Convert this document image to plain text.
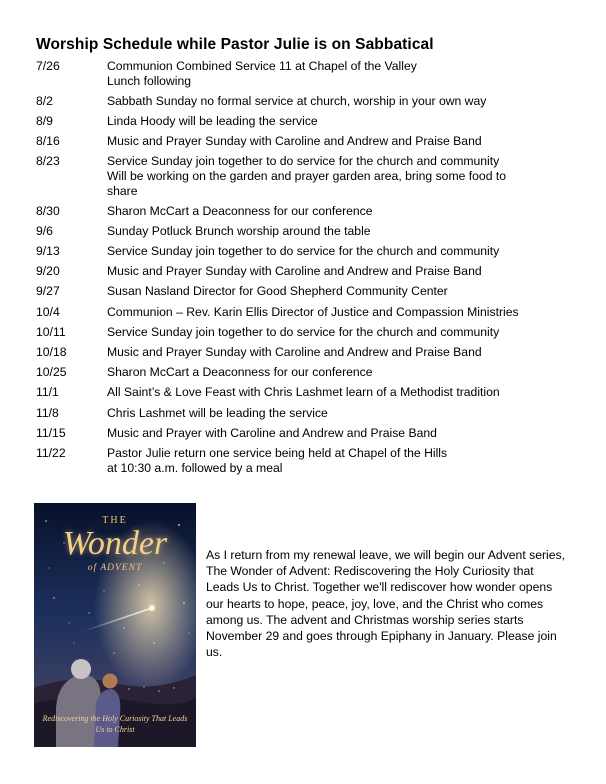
Worship Schedule while Pastor Julie is on Sabbatical
7/26	Communion Combined Service 11 at Chapel of the Valley
Lunch following
8/2	Sabbath Sunday no formal service at church, worship in your own way
8/9	Linda Hoody will be leading the service
8/16	Music and Prayer Sunday with Caroline and Andrew and Praise Band
8/23	Service Sunday join together to do service for the church and community
Will be working on the garden and prayer garden area, bring some food to
share
8/30	Sharon McCart a Deaconness for our conference
9/6	Sunday Potluck Brunch worship around the table
9/13	Service Sunday join together to do service for the church and community
9/20	Music and Prayer Sunday with Caroline and Andrew and Praise Band
9/27	Susan Nasland Director for Good Shepherd Community Center
10/4	Communion – Rev. Karin Ellis Director of Justice and Compassion Ministries
10/11	Service Sunday join together to do service for the church and community
10/18	Music and Prayer Sunday with Caroline and Andrew and Praise Band
10/25	Sharon McCart a Deaconness for our conference
11/1	All Saint’s & Love Feast with Chris Lashmet learn of a Methodist tradition
11/8	Chris Lashmet will be leading the service
11/15	Music and Prayer with Caroline and Andrew and Praise Band
11/22	Pastor Julie return one service being held at Chapel of the Hills
at 10:30 a.m. followed by a meal
THE
Wonder
of ADVENT
Rediscovering the Holy Curiosity That Leads Us to Christ
As I return from my renewal leave, we will begin our Advent series, The Wonder of Advent: Rediscovering the Holy Curiosity that Leads Us to Christ. Together we'll rediscover how wonder opens our hearts to hope, peace, joy, love, and the Christ who comes among us. The advent and Christmas worship series starts November 29 and goes through Epiphany in January. Please join us.
